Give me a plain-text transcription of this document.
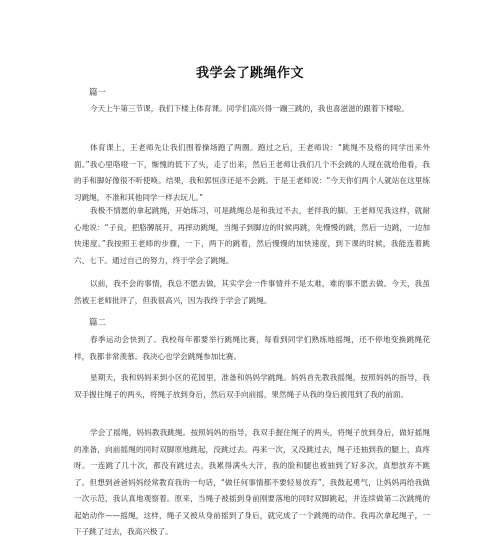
我学会了跳绳作文
篇一

今天上午第三节课，我们下楼上体育课。同学们高兴得一蹦三跳的，我也喜滋滋的跟着下楼啦。

体育课上，王老师先让我们围着操场跑了两圈。跑过之后，王老师说：“跳绳不及格的同学出来外面。”我心里咯噔一下，惭愧的低下了头，走了出来，然后王老师让我们几个不会跳的人现在就给他看，我的手和脚好像很不听使唤。结果，我和郭恒彦还是不会跳。于是王老师说：“今天你们两个人就站在这里练习跳绳，不准和其他同学一样去玩儿。”

我极不情愿的拿起跳绳，开始练习，可是跳绳总是和我过不去，老拌我的脚。王老师见我这样，就耐心地说：“子良，把胳膊展开，再摔动跳绳，当绳子到脚边的时候再跳，先慢慢的跳，然后一边跳，一边加快速度。”我按照王老师的步骤，一下，两下的跳着，然后慢慢的加快速度，到下课的时候，我能连着跳六、七下。通过自己的努力，终于学会了跳绳。

以前，我不会的事情，我总不愿去做，其实学会一件事情并不是太难，难的事不愿去做。今天，我虽然被王老师批评了，但我很高兴，因为我终于学会了跳绳。

篇二

春季运动会快到了。我校每年都要举行跳绳比赛，每看到同学们熟练地摇绳，还不停地变换跳绳花样，我都非常羡慕。我决心也学会跳绳参加比赛。

星期天，我和妈妈来到小区的花园里，准备和妈妈学跳绳。妈妈首先教我摇绳，按照妈妈的指导，我双手握住绳子的两头，将绳子放到身后，然后双手向前摇，果然绳子从我的身后被甩到了我的前面。

学会了摇绳，妈妈教我跳绳。按照妈妈的指导，我双手握住绳子的两头，将绳子放到身后，做好摇绳的准备，向前摇绳的同时双脚原地跳起，没跳过去。再来一次，又没跳过去，绳子还抽到我的腿上，真疼呀。一连跳了几十次，都没有跳过去，我累得满头大汗，我的脸和腿也被抽到了好多次，真想放弃不跳了。但想到爸爸妈妈经常教育我的一句话，“做任何事情都不要轻易放弃”，我鼓起勇气，让妈妈再给我做一次示范，我认真地观察着。原来，当绳子被摇到身前刚要落地的同时双脚跳起，并连续做第二次跳绳的起始动作——摇绳，这样，绳子又被从身前摇到了身后，就完成了一个跳绳的动作。我再次拿起绳子，一下子跳了过去，我高兴极了。
